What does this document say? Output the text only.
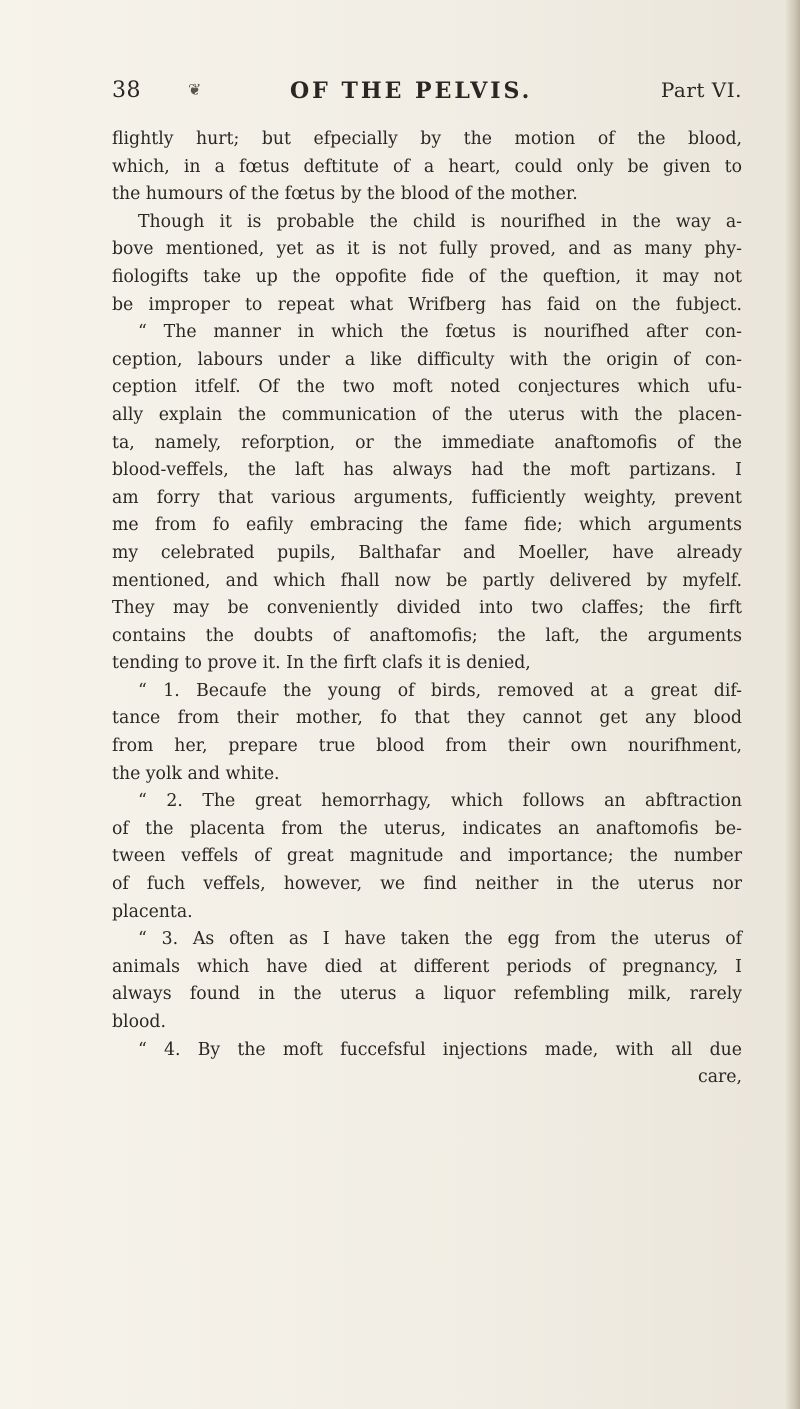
38	❦	OF THE PELVIS.	Part VI.
flightly hurt; but efpecially by the motion of the blood,
which, in a fœtus deftitute of a heart, could only be given to
the humours of the fœtus by the blood of the mother.
Though it is probable the child is nourifhed in the way a-
bove mentioned, yet as it is not fully proved, and as many phy-
fiologifts take up the oppofite fide of the queftion, it may not
be improper to repeat what Wrifberg has faid on the fubject.
“ The manner in which the fœtus is nourifhed after con-
ception, labours under a like difficulty with the origin of con-
ception itfelf. Of the two moft noted conjectures which ufu-
ally explain the communication of the uterus with the placen-
ta, namely, reforption, or the immediate anaftomofis of the
blood-veffels, the laft has always had the moft partizans. I
am forry that various arguments, fufficiently weighty, prevent
me from fo eafily embracing the fame fide; which arguments
my celebrated pupils, Balthafar and Moeller, have already
mentioned, and which fhall now be partly delivered by myfelf.
They may be conveniently divided into two claffes; the firft
contains the doubts of anaftomofis; the laft, the arguments
tending to prove it. In the firft clafs it is denied,
“ 1. Becaufe the young of birds, removed at a great dif-
tance from their mother, fo that they cannot get any blood
from her, prepare true blood from their own nourifhment,
the yolk and white.
“ 2. The great hemorrhagy, which follows an abftraction
of the placenta from the uterus, indicates an anaftomofis be-
tween veffels of great magnitude and importance; the number
of fuch veffels, however, we find neither in the uterus nor
placenta.
“ 3. As often as I have taken the egg from the uterus of
animals which have died at different periods of pregnancy, I
always found in the uterus a liquor refembling milk, rarely
blood.
“ 4. By the moft fuccefsful injections made, with all due
care,
